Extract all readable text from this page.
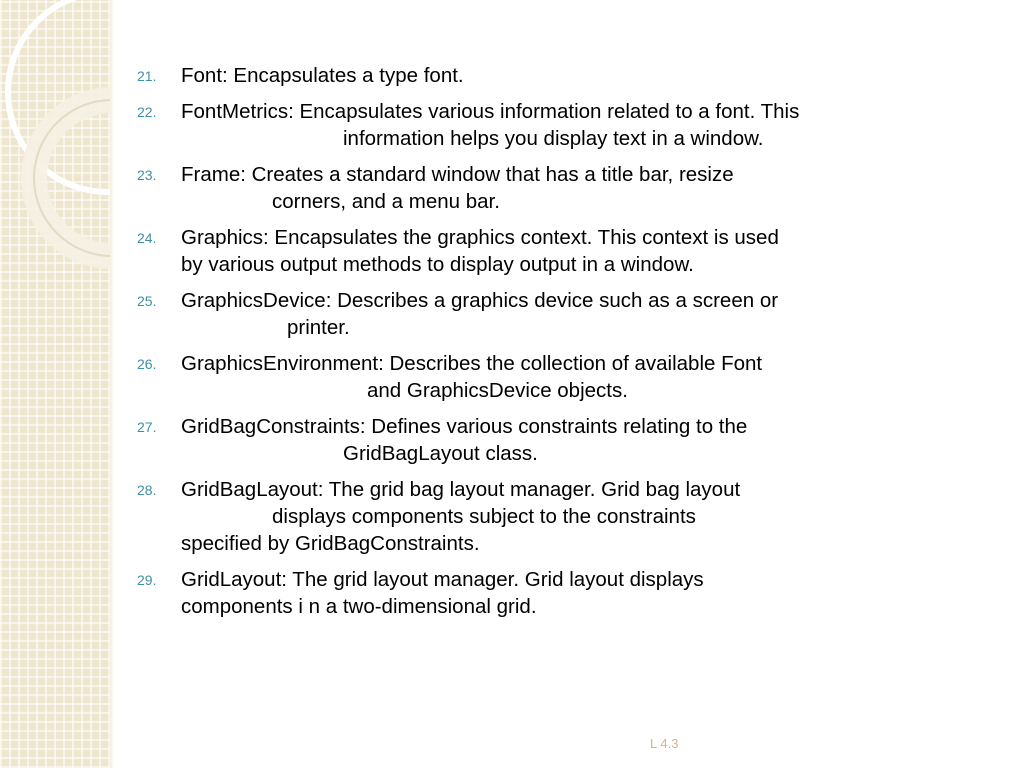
21.	Font: Encapsulates a type font.
22.	FontMetrics: Encapsulates various information related to a font. This
information helps you display text in a window.
23.	Frame: Creates a standard window that has a title bar, resize
corners, and a menu bar.
24.	Graphics: Encapsulates the graphics context. This context is used
by various output methods to display output in a window.
25.	GraphicsDevice: Describes a graphics device such as a screen or
printer.
26.	GraphicsEnvironment: Describes the collection of available Font
and GraphicsDevice objects.
27.	GridBagConstraints: Defines various constraints relating to the
GridBagLayout class.
28.	GridBagLayout: The grid bag layout manager. Grid bag layout
displays components subject to the constraints
specified by GridBagConstraints.
29.	GridLayout: The grid layout manager. Grid layout displays
components i n a two-dimensional grid.
L 4.3
